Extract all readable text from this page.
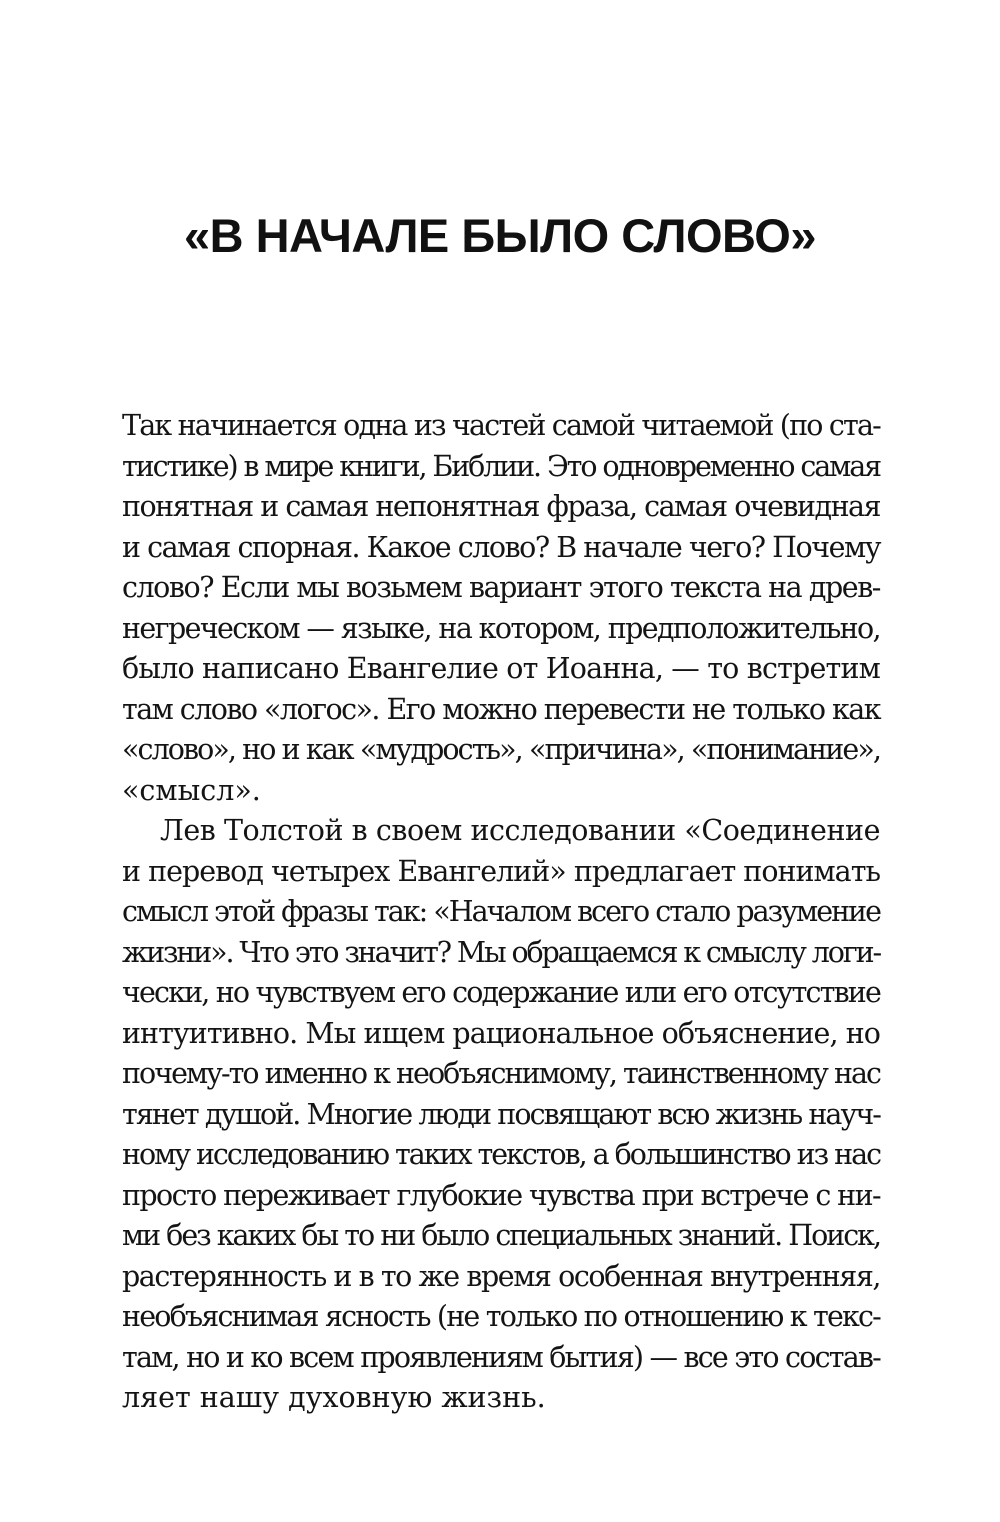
«В НАЧАЛЕ БЫЛО СЛОВО»
Так начинается одна из частей самой читаемой (по ста-
тистике) в мире книги, Библии. Это одновременно самая
понятная и самая непонятная фраза, самая очевидная
и самая спорная. Какое слово? В начале чего? Почему
слово? Если мы возьмем вариант этого текста на древ-
негреческом — языке, на котором, предположительно,
было написано Евангелие от Иоанна, — то встретим
там слово «логос». Его можно перевести не только как
«слово», но и как «мудрость», «причина», «понимание»,
«смысл».
Лев Толстой в своем исследовании «Соединение
и перевод четырех Евангелий» предлагает понимать
смысл этой фразы так: «Началом всего стало разумение
жизни». Что это значит? Мы обращаемся к смыслу логи-
чески, но чувствуем его содержание или его отсутствие
интуитивно. Мы ищем рациональное объяснение, но
почему-то именно к необъяснимому, таинственному нас
тянет душой. Многие люди посвящают всю жизнь науч-
ному исследованию таких текстов, а большинство из нас
просто переживает глубокие чувства при встрече с ни-
ми без каких бы то ни было специальных знаний. Поиск,
растерянность и в то же время особенная внутренняя,
необъяснимая ясность (не только по отношению к текс-
там, но и ко всем проявлениям бытия) — все это состав-
ляет нашу духовную жизнь.
